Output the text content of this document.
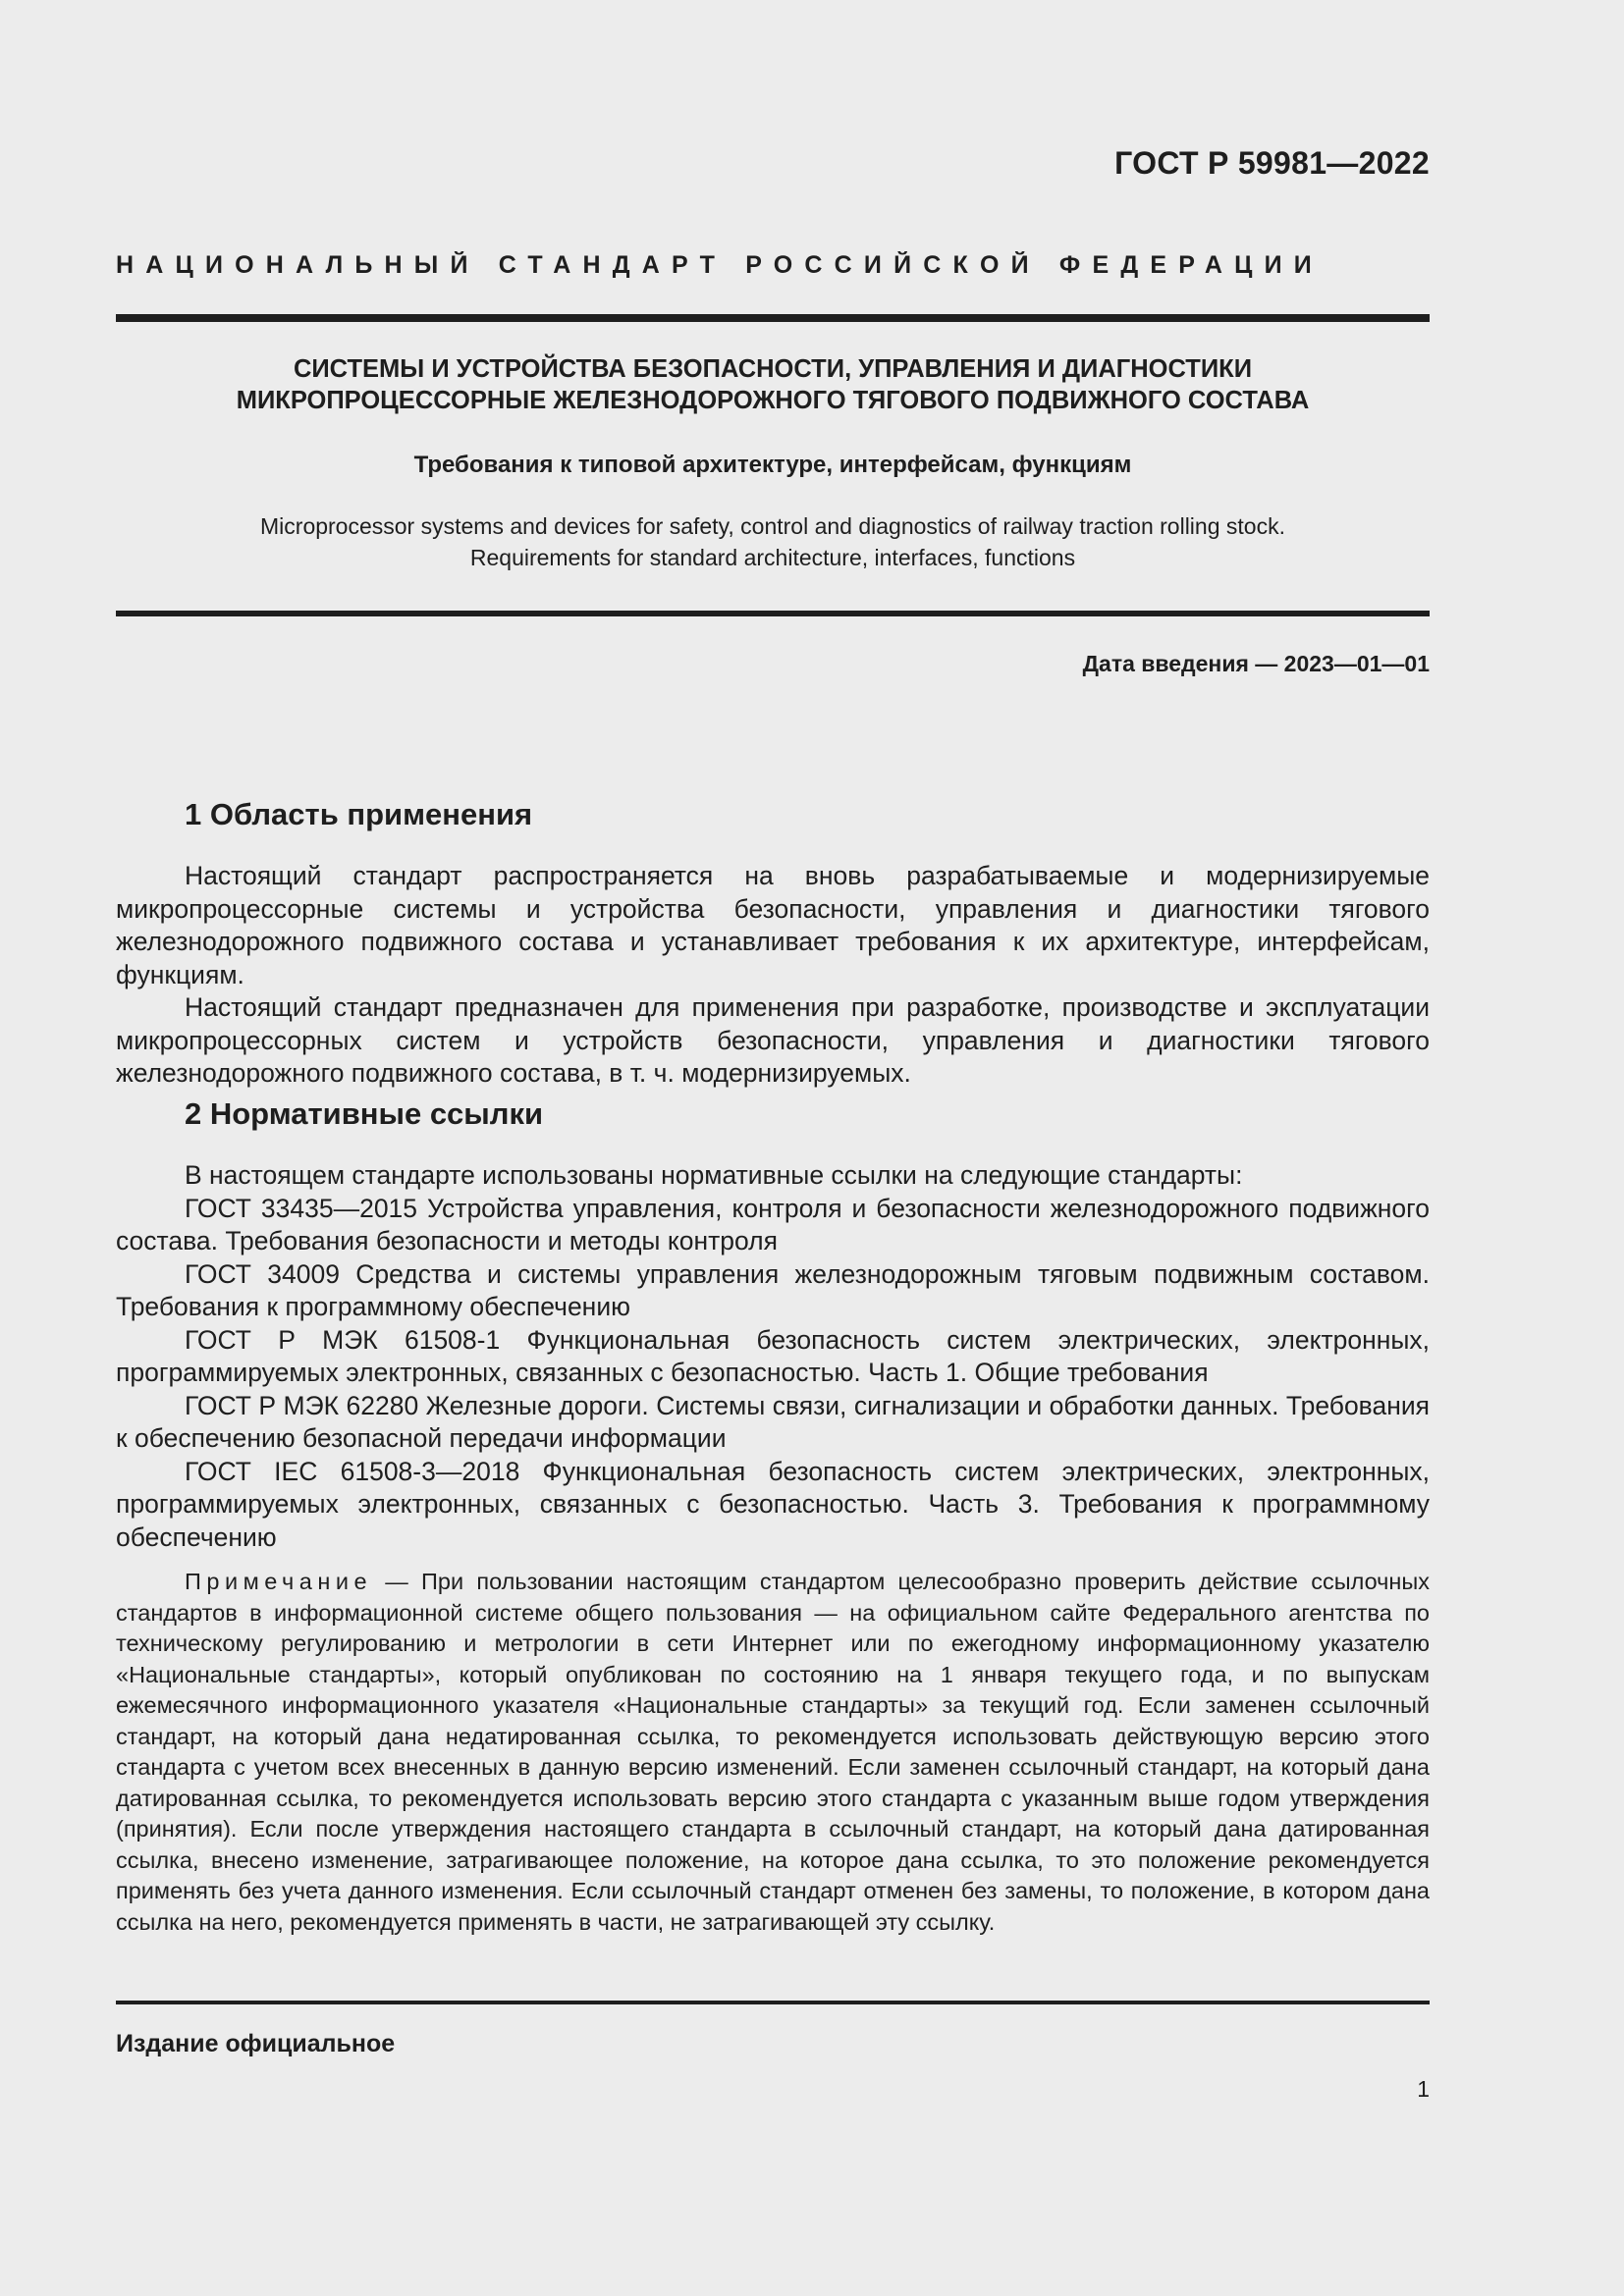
ГОСТ Р 59981—2022
НАЦИОНАЛЬНЫЙ СТАНДАРТ РОССИЙСКОЙ ФЕДЕРАЦИИ
СИСТЕМЫ И УСТРОЙСТВА БЕЗОПАСНОСТИ, УПРАВЛЕНИЯ И ДИАГНОСТИКИ
МИКРОПРОЦЕССОРНЫЕ ЖЕЛЕЗНОДОРОЖНОГО ТЯГОВОГО ПОДВИЖНОГО СОСТАВА
Требования к типовой архитектуре, интерфейсам, функциям
Microprocessor systems and devices for safety, control and diagnostics of railway traction rolling stock.
Requirements for standard architecture, interfaces, functions
Дата введения — 2023—01—01
1 Область применения

Настоящий стандарт распространяется на вновь разрабатываемые и модернизируемые микропроцессорные системы и устройства безопасности, управления и диагностики тягового железнодорожного подвижного состава и устанавливает требования к их архитектуре, интерфейсам, функциям.

Настоящий стандарт предназначен для применения при разработке, производстве и эксплуатации микропроцессорных систем и устройств безопасности, управления и диагностики тягового железнодорожного подвижного состава, в т. ч. модернизируемых.

2 Нормативные ссылки

В настоящем стандарте использованы нормативные ссылки на следующие стандарты:

ГОСТ 33435—2015 Устройства управления, контроля и безопасности железнодорожного подвижного состава. Требования безопасности и методы контроля

ГОСТ 34009 Средства и системы управления железнодорожным тяговым подвижным составом. Требования к программному обеспечению

ГОСТ Р МЭК 61508-1 Функциональная безопасность систем электрических, электронных, программируемых электронных, связанных с безопасностью. Часть 1. Общие требования

ГОСТ Р МЭК 62280 Железные дороги. Системы связи, сигнализации и обработки данных. Требования к обеспечению безопасной передачи информации

ГОСТ IEC 61508-3—2018 Функциональная безопасность систем электрических, электронных, программируемых электронных, связанных с безопасностью. Часть 3. Требования к программному обеспечению

Примечание — При пользовании настоящим стандартом целесообразно проверить действие ссылочных стандартов в информационной системе общего пользования — на официальном сайте Федерального агентства по техническому регулированию и метрологии в сети Интернет или по ежегодному информационному указателю «Национальные стандарты», который опубликован по состоянию на 1 января текущего года, и по выпускам ежемесячного информационного указателя «Национальные стандарты» за текущий год. Если заменен ссылочный стандарт, на который дана недатированная ссылка, то рекомендуется использовать действующую версию этого стандарта с учетом всех внесенных в данную версию изменений. Если заменен ссылочный стандарт, на который дана датированная ссылка, то рекомендуется использовать версию этого стандарта с указанным выше годом утверждения (принятия). Если после утверждения настоящего стандарта в ссылочный стандарт, на который дана датированная ссылка, внесено изменение, затрагивающее положение, на которое дана ссылка, то это положение рекомендуется применять без учета данного изменения. Если ссылочный стандарт отменен без замены, то положение, в котором дана ссылка на него, рекомендуется применять в части, не затрагивающей эту ссылку.

Издание официальное
1
